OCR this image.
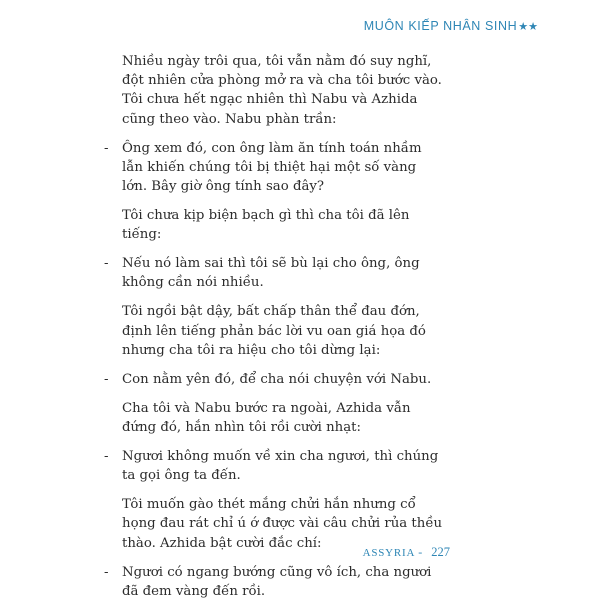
MUÔN KIẾP NHÂN SINH★★

Nhiều ngày trôi qua, tôi vẫn nằm đó suy nghĩ, đột nhiên cửa phòng mở ra và cha tôi bước vào. Tôi chưa hết ngạc nhiên thì Nabu và Azhida cũng theo vào. Nabu phàn trần:

- Ông xem đó, con ông làm ăn tính toán nhầm lẫn khiến chúng tôi bị thiệt hại một số vàng lớn. Bây giờ ông tính sao đây?

Tôi chưa kịp biện bạch gì thì cha tôi đã lên tiếng:

- Nếu nó làm sai thì tôi sẽ bù lại cho ông, ông không cần nói nhiều.

Tôi ngồi bật dậy, bất chấp thân thể đau đớn, định lên tiếng phản bác lời vu oan giá họa đó nhưng cha tôi ra hiệu cho tôi dừng lại:

- Con nằm yên đó, để cha nói chuyện với Nabu.

Cha tôi và Nabu bước ra ngoài, Azhida vẫn đứng đó, hắn nhìn tôi rồi cười nhạt:

- Ngươi không muốn về xin cha ngươi, thì chúng ta gọi ông ta đến.

Tôi muốn gào thét mắng chửi hắn nhưng cổ họng đau rát chỉ ú ớ được vài câu chửi rủa thều thào. Azhida bật cười đắc chí:

- Ngươi có ngang bướng cũng vô ích, cha ngươi đã đem vàng đến rồi.
ASSYRIA - 227
